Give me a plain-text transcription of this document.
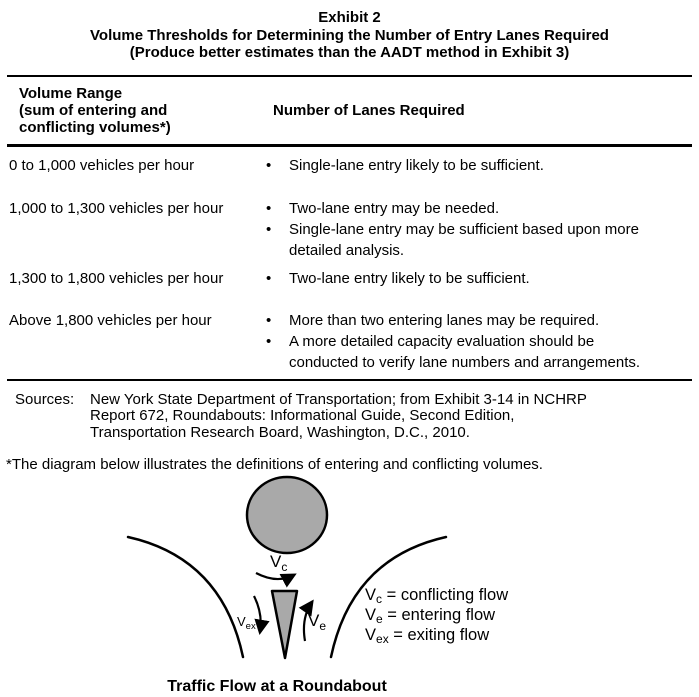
Exhibit 2
Volume Thresholds for Determining the Number of Entry Lanes Required
(Produce better estimates than the AADT method in Exhibit 3)
Volume Range
(sum of entering and
conflicting volumes*)
Number of Lanes Required
0 to 1,000 vehicles per hour	•	Single-lane entry likely to be sufficient.
1,000 to 1,300 vehicles per hour	•	Two-lane entry may be needed.
•	Single-lane entry may be sufficient based upon more detailed analysis.
1,300 to 1,800 vehicles per hour	•	Two-lane entry likely to be sufficient.
Above 1,800 vehicles per hour	•	More than two entering lanes may be required.
•	A more detailed capacity evaluation should be conducted to verify lane numbers and arrangements.
Sources:	New York State Department of Transportation; from Exhibit 3-14 in NCHRP
Report 672, Roundabouts: Informational Guide, Second Edition,
Transportation Research Board, Washington, D.C., 2010.
*The diagram below illustrates the definitions of entering and conflicting volumes.
$V_c$
$V_e$
$V_{ex}$
Vc = conflicting flow
Ve = entering flow
Vex = exiting flow
Traffic Flow at a Roundabout
